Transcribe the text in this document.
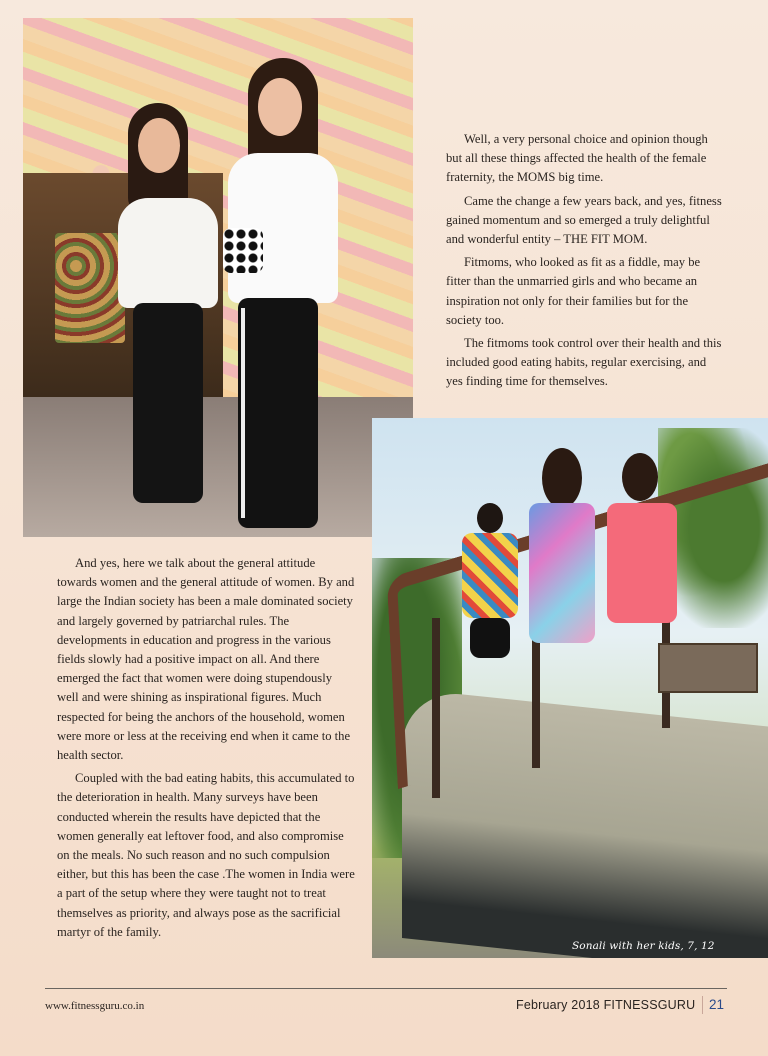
Well, a very personal choice and opinion though but all these things affected the health of the female fraternity, the MOMS big time.

Came the change a few years back, and yes, fitness gained momentum and so emerged a truly delightful and wonderful entity – THE FIT MOM.

Fitmoms, who looked as fit as a fiddle, may be fitter than the unmarried girls and who became an inspiration not only for their families but for the society too.

The fitmoms took control over their health and this included good eating habits, regular exercising, and yes finding time for themselves.

Sonali with her kids, 7, 12

And yes, here we talk about the general attitude towards women and the general attitude of women. By and large the Indian society has been a male dominated society and largely governed by patriarchal rules. The developments in education and progress in the various fields slowly had a positive impact on all. And there emerged the fact that women were doing stupendously well and were shining as inspirational figures. Much respected for being the anchors of the household, women were more or less at the receiving end when it came to the health sector.

Coupled with the bad eating habits, this accumulated to the deterioration in health. Many surveys have been conducted wherein the results have depicted that the women generally eat leftover food, and also compromise on the meals. No such reason and no such compulsion either, but this has been the case .The women in India were a part of the setup where they were taught not to treat themselves as priority, and always pose as the sacrificial martyr of the family.

www.fitnessguru.co.in	February 2018 FITNESSGURU 21
